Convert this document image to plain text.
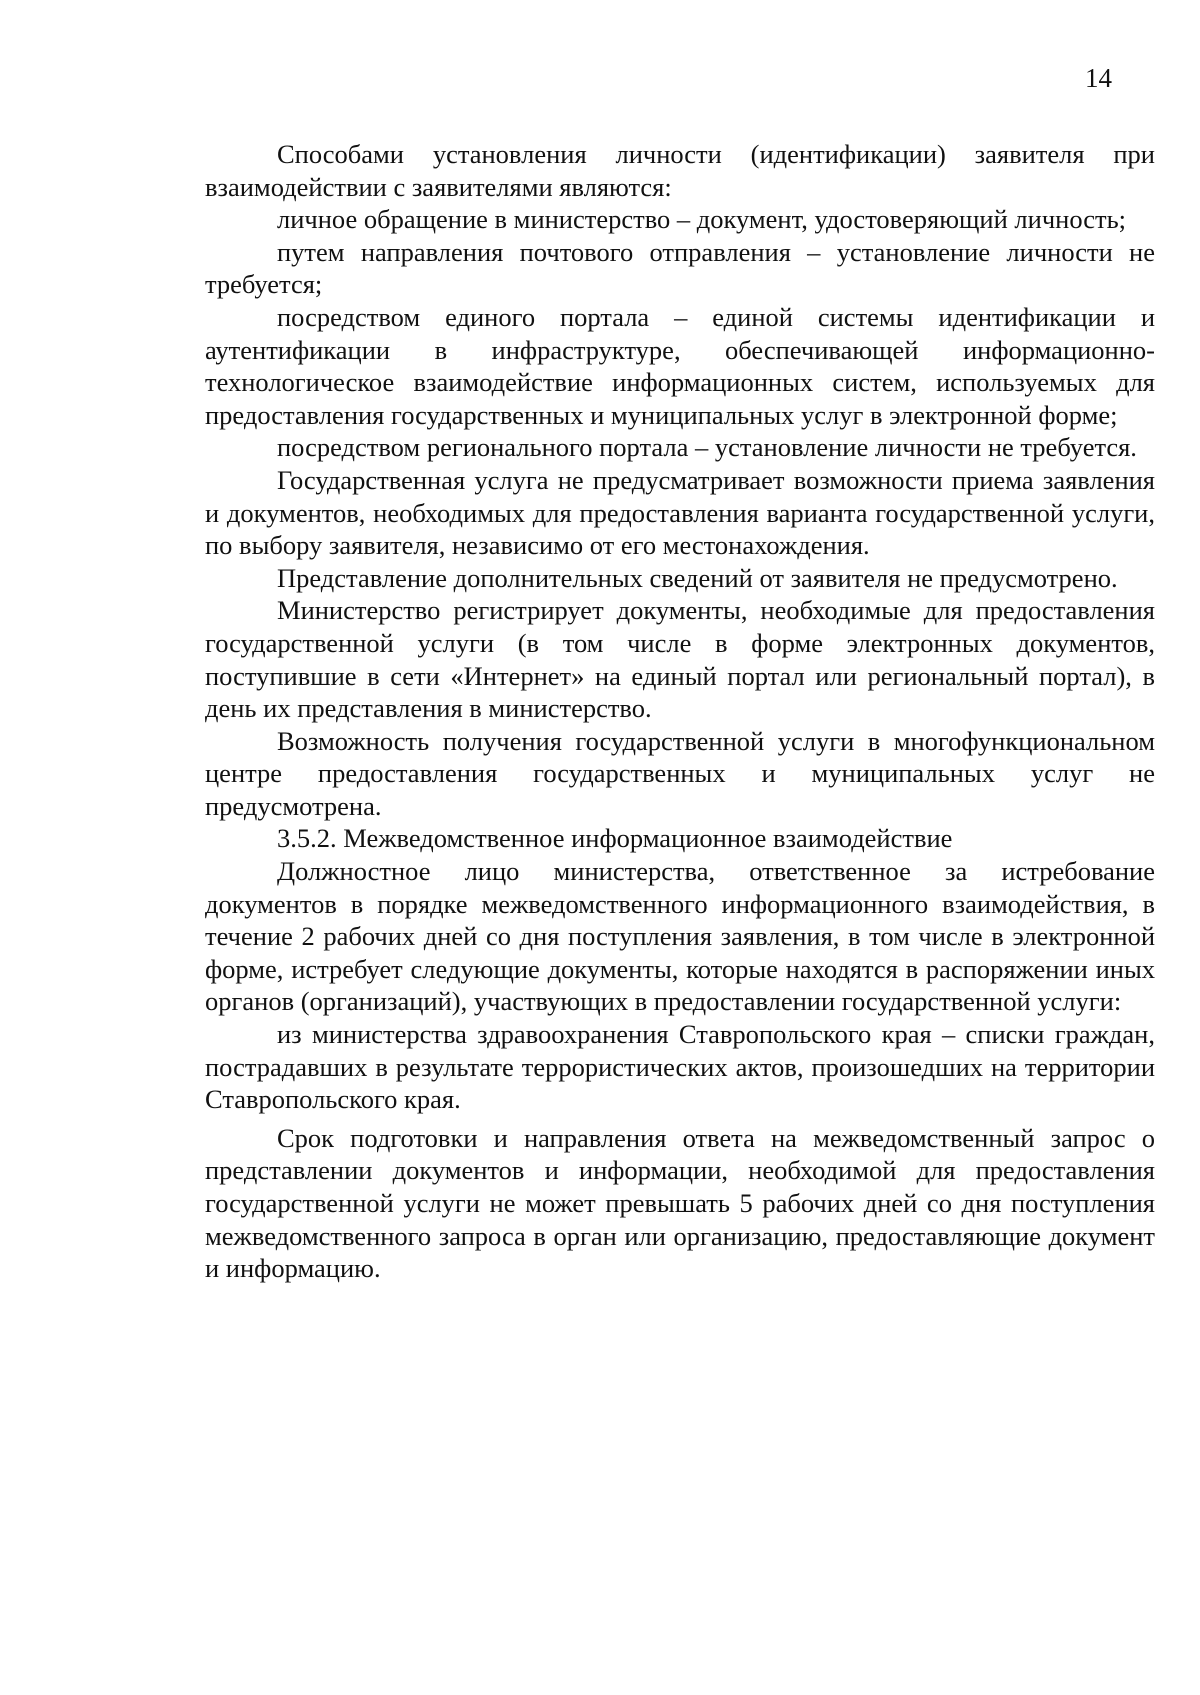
14

Способами установления личности (идентификации) заявителя при взаимодействии с заявителями являются:

личное обращение в министерство – документ, удостоверяющий личность;

путем направления почтового отправления – установление личности не требуется;

посредством единого портала – единой системы идентификации и аутентификации в инфраструктуре, обеспечивающей информационно-технологическое взаимодействие информационных систем, используемых для предоставления государственных и муниципальных услуг в электронной форме;

посредством регионального портала – установление личности не требуется.

Государственная услуга не предусматривает возможности приема заявления и документов, необходимых для предоставления варианта государственной услуги, по выбору заявителя, независимо от его местонахождения.

Представление дополнительных сведений от заявителя не предусмотрено.

Министерство регистрирует документы, необходимые для предоставления государственной услуги (в том числе в форме электронных документов, поступившие в сети «Интернет» на единый портал или региональный портал), в день их представления в министерство.

Возможность получения государственной услуги в многофункциональном центре предоставления государственных и муниципальных услуг не предусмотрена.

3.5.2. Межведомственное информационное взаимодействие

Должностное лицо министерства, ответственное за истребование документов в порядке межведомственного информационного взаимодействия, в течение 2 рабочих дней со дня поступления заявления, в том числе в электронной форме, истребует следующие документы, которые находятся в распоряжении иных органов (организаций), участвующих в предоставлении государственной услуги:

из министерства здравоохранения Ставропольского края – списки граждан, пострадавших в результате террористических актов, произошедших на территории Ставропольского края.

Срок подготовки и направления ответа на межведомственный запрос о представлении документов и информации, необходимой для предоставления государственной услуги не может превышать 5 рабочих дней со дня поступления межведомственного запроса в орган или организацию, предоставляющие документ и информацию.
